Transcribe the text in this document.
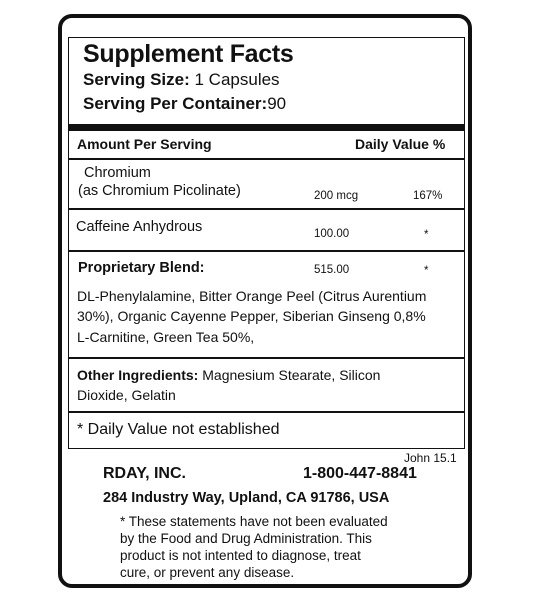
Supplement Facts
Serving Size: 1 Capsules
Serving Per Container:90
Amount Per Serving	Daily Value %
Chromium
(as Chromium Picolinate)	200 mcg	167%
Caffeine Anhydrous	100.00	*
Proprietary Blend:	515.00	*
DL-Phenylalamine, Bitter Orange Peel (Citrus Aurentium
30%), Organic Cayenne Pepper, Siberian Ginseng 0,8%
L-Carnitine, Green Tea 50%,
Other Ingredients: Magnesium Stearate, Silicon
Dioxide, Gelatin
* Daily Value not established
John 15.1
RDAY, INC.	1-800-447-8841
284 Industry Way, Upland, CA 91786, USA
* These statements have not been evaluated
by the Food and Drug Administration. This
product is not intented to diagnose, treat
cure, or prevent any disease.
